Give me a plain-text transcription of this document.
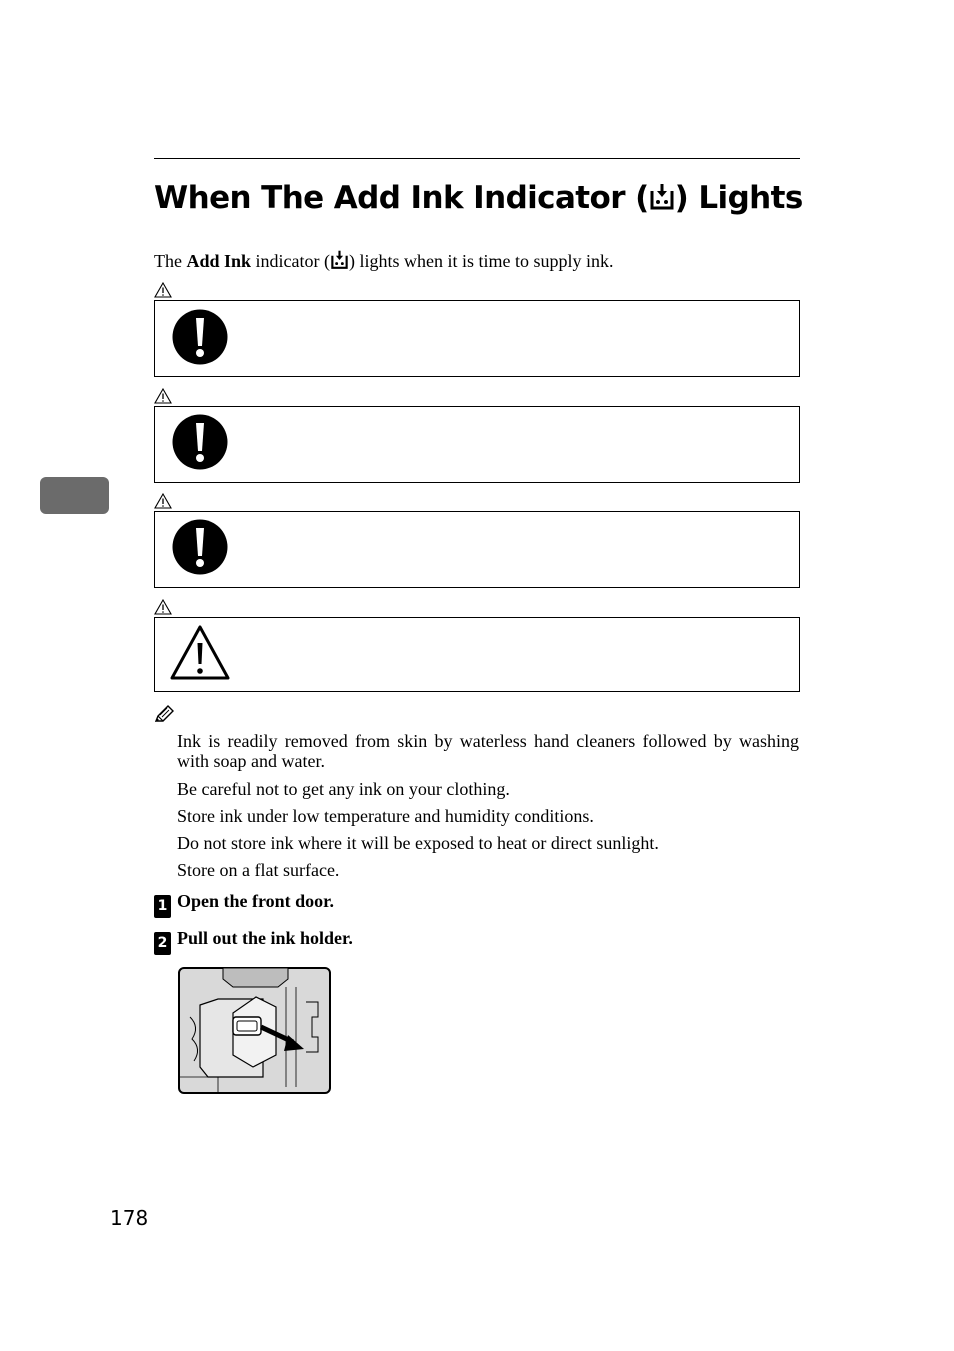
When The Add Ink Indicator ( ) Lights
The Add Ink indicator ( ) lights when it is time to supply ink.

Ink is readily removed from skin by waterless hand cleaners followed by washing with soap and water.

Be careful not to get any ink on your clothing.

Store ink under low temperature and humidity conditions.

Do not store ink where it will be exposed to heat or direct sunlight.

Store on a flat surface.

1 Open the front door.
2 Pull out the ink holder.
178
